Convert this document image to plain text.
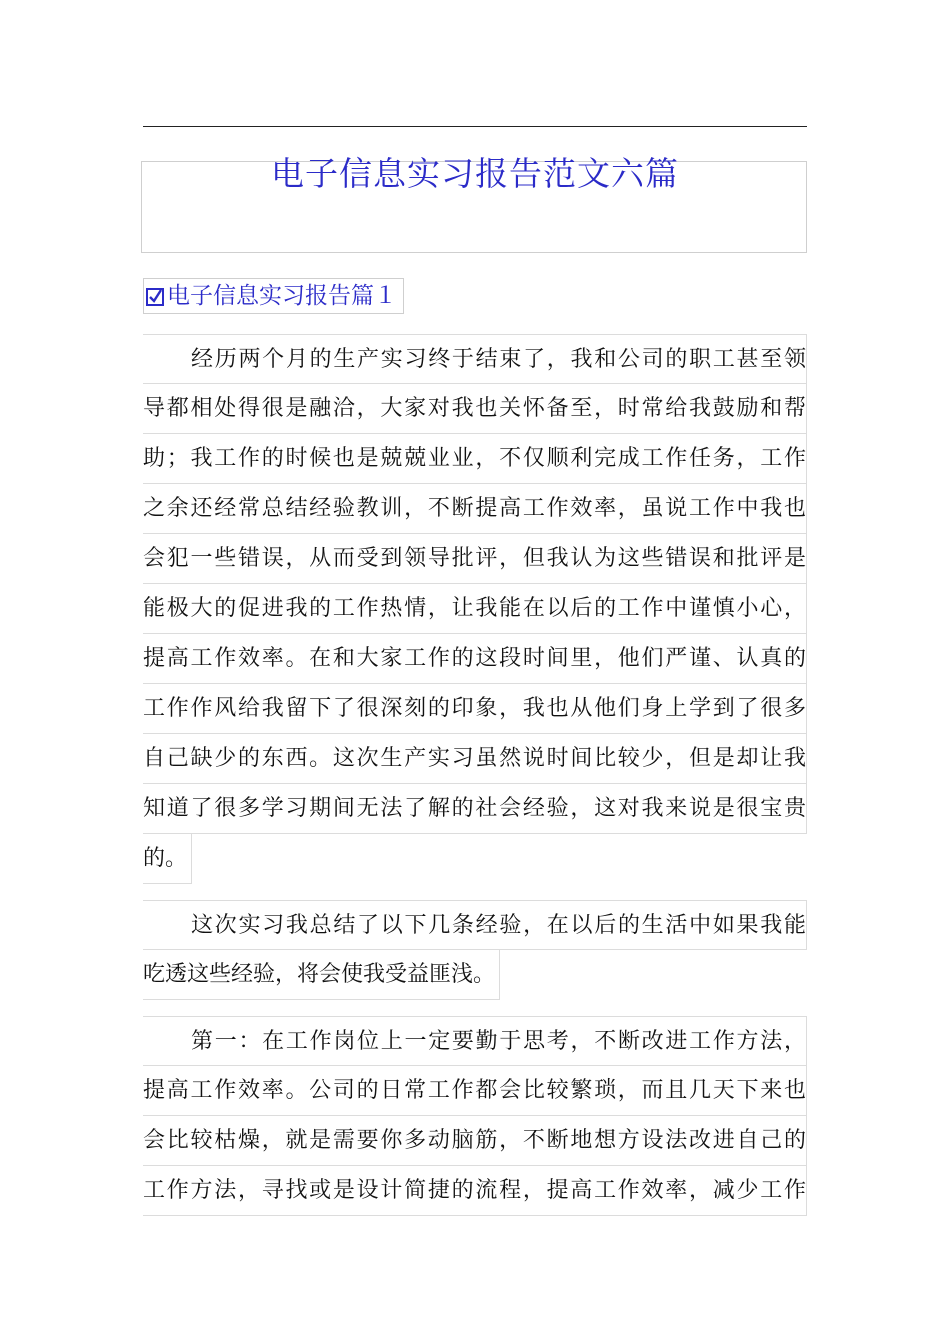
电子信息实习报告范文六篇
电子信息实习报告篇１
经历两个月的生产实习终于结束了，我和公司的职工甚至领
导都相处得很是融洽，大家对我也关怀备至，时常给我鼓励和帮
助；我工作的时候也是兢兢业业，不仅顺利完成工作任务，工作
之余还经常总结经验教训，不断提高工作效率，虽说工作中我也
会犯一些错误，从而受到领导批评，但我认为这些错误和批评是
能极大的促进我的工作热情，让我能在以后的工作中谨慎小心，
提高工作效率。在和大家工作的这段时间里，他们严谨、认真的
工作作风给我留下了很深刻的印象，我也从他们身上学到了很多
自己缺少的东西。这次生产实习虽然说时间比较少，但是却让我
知道了很多学习期间无法了解的社会经验，这对我来说是很宝贵
的。
这次实习我总结了以下几条经验，在以后的生活中如果我能
吃透这些经验，将会使我受益匪浅。
第一：在工作岗位上一定要勤于思考，不断改进工作方法，
提高工作效率。公司的日常工作都会比较繁琐，而且几天下来也
会比较枯燥，就是需要你多动脑筋，不断地想方设法改进自己的
工作方法，寻找或是设计简捷的流程，提高工作效率，减少工作
